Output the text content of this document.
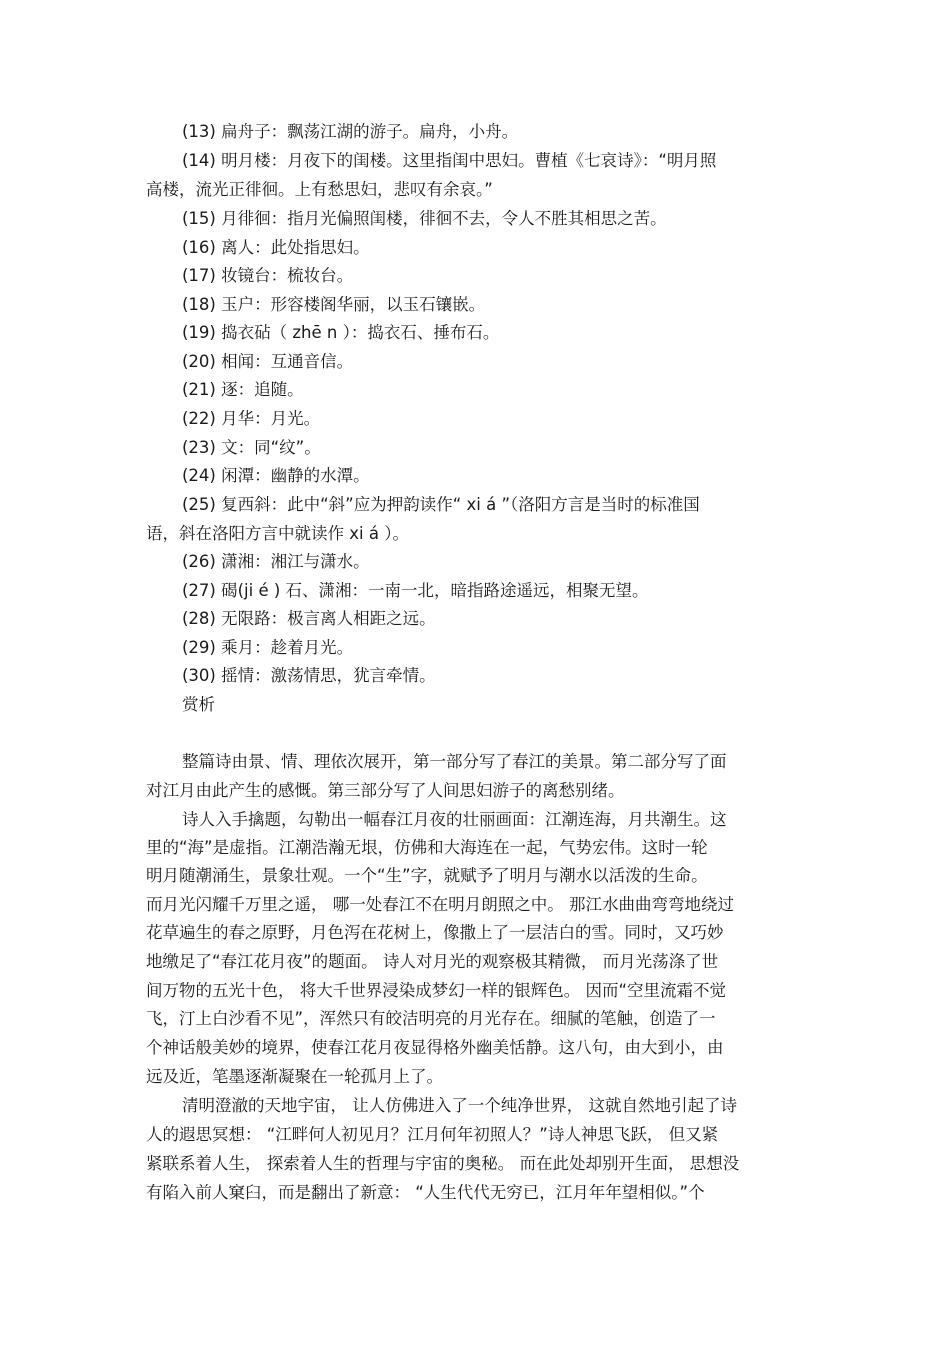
(13) 扁舟子：飘荡江湖的游子。扁舟，小舟。
(14) 明月楼：月夜下的闺楼。这里指闺中思妇。曹植《七哀诗》：“明月照
高楼，流光正徘徊。上有愁思妇，悲叹有余哀。”
(15) 月徘徊：指月光偏照闺楼，徘徊不去，令人不胜其相思之苦。
(16) 离人：此处指思妇。
(17) 妆镜台：梳妆台。
(18) 玉户：形容楼阁华丽，以玉石镶嵌。
(19) 捣衣砧（ zhē n ）：捣衣石、捶布石。
(20) 相闻：互通音信。
(21) 逐：追随。
(22) 月华：月光。
(23) 文：同“纹”。
(24) 闲潭：幽静的水潭。
(25) 复西斜：此中“斜”应为押韵读作“ xi á ”（洛阳方言是当时的标准国
语，斜在洛阳方言中就读作 xi á ）。
(26) 潇湘：湘江与潇水。
(27) 碣(ji é ) 石、潇湘：一南一北，暗指路途遥远，相聚无望。
(28) 无限路：极言离人相距之远。
(29) 乘月：趁着月光。
(30) 摇情：激荡情思，犹言牵情。
赏析
整篇诗由景、情、理依次展开，第一部分写了春江的美景。第二部分写了面
对江月由此产生的感慨。第三部分写了人间思妇游子的离愁别绪。
诗人入手擒题，勾勒出一幅春江月夜的壮丽画面：江潮连海，月共潮生。这
里的“海”是虚指。江潮浩瀚无垠，仿佛和大海连在一起，气势宏伟。这时一轮
明月随潮涌生，景象壮观。一个“生”字，就赋予了明月与潮水以活泼的生命。
而月光闪耀千万里之遥， 哪一处春江不在明月朗照之中。 那江水曲曲弯弯地绕过
花草遍生的春之原野，月色泻在花树上，像撒上了一层洁白的雪。同时，又巧妙
地缴足了“春江花月夜”的题面。 诗人对月光的观察极其精微， 而月光荡涤了世
间万物的五光十色， 将大千世界浸染成梦幻一样的银辉色。 因而“空里流霜不觉
飞，汀上白沙看不见”，浑然只有皎洁明亮的月光存在。细腻的笔触，创造了一
个神话般美妙的境界，使春江花月夜显得格外幽美恬静。这八句，由大到小，由
远及近，笔墨逐渐凝聚在一轮孤月上了。
清明澄澈的天地宇宙， 让人仿佛进入了一个纯净世界， 这就自然地引起了诗
人的遐思冥想： “江畔何人初见月？江月何年初照人？”诗人神思飞跃， 但又紧
紧联系着人生， 探索着人生的哲理与宇宙的奥秘。 而在此处却别开生面， 思想没
有陷入前人窠臼，而是翻出了新意： “人生代代无穷已，江月年年望相似。”个
